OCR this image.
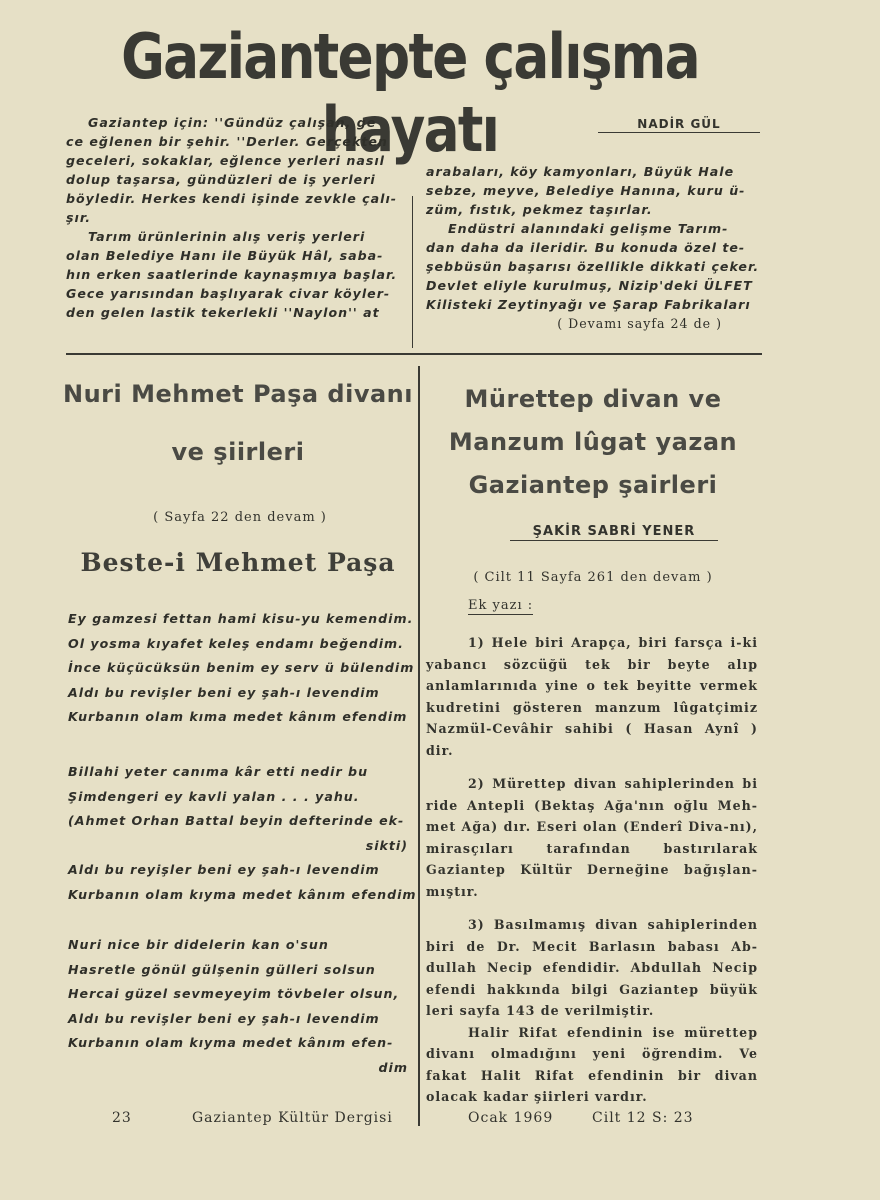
Gaziantepte çalışma hayatı

Gaziantep için: ''Gündüz çalışan, ge

ce eğlenen bir şehir. ''Derler. Gerçekten

geceleri, sokaklar, eğlence yerleri nasıl

dolup taşarsa, gündüzleri de iş yerleri

böyledir. Herkes kendi işinde zevkle çalı-

şır.

Tarım ürünlerinin alış veriş yerleri

olan Belediye Hanı ile Büyük Hâl, saba-

hın erken saatlerinde kaynaşmıya başlar.

Gece yarısından başlıyarak civar köyler-

den gelen lastik tekerlekli ''Naylon'' at

NADİR GÜL

arabaları, köy kamyonları, Büyük Hale

sebze, meyve, Belediye Hanına, kuru ü-

züm, fıstık, pekmez taşırlar.

Endüstri alanındaki gelişme Tarım-

dan daha da ileridir. Bu konuda özel te-

şebbüsün başarısı özellikle dikkati çeker.

Devlet eliyle kurulmuş, Nizip'deki ÜLFET

Kilisteki Zeytinyağı ve Şarap Fabrikaları

( Devamı sayfa 24 de )

Nuri Mehmet Paşa divanı
ve şiirleri
( Sayfa 22 den devam )
Beste-i Mehmet Paşa
Ey gamzesi fettan hami kisu-yu kemendim.
Ol yosma kıyafet keleş endamı beğendim.
İnce küçücüksün benim ey serv ü bülendim
Aldı bu revişler beni ey şah-ı levendim
Kurbanın olam kıma medet kânım efendim
Billahi yeter canıma kâr etti nedir bu
Şimdengeri ey kavli yalan . . . yahu.
(Ahmet Orhan Battal beyin defterinde ek-
sikti)
Aldı bu reyişler beni ey şah-ı levendim
Kurbanın olam kıyma medet kânım efendim
Nuri nice bir didelerin kan o'sun
Hasretle gönül gülşenin gülleri solsun
Hercai güzel sevmeyeyim tövbeler olsun,
Aldı bu revişler beni ey şah-ı levendim
Kurbanın olam kıyma medet kânım efen-
dim
Mürettep divan ve Manzum lûgat yazan Gaziantep şairleri
ŞAKİR SABRİ YENER
( Cilt 11 Sayfa 261 den devam )
Ek yazı :

1) Hele biri Arapça, biri farsça i-ki yabancı sözcüğü tek bir beyte alıp anlamlarınıda yine o tek beyitte vermek kudretini gösteren manzum lûgatçimiz Nazmül-Cevâhir sahibi ( Hasan Aynî ) dir.

2) Mürettep divan sahiplerinden bi ride Antepli (Bektaş Ağa'nın oğlu Meh-met Ağa) dır. Eseri olan (Enderî Diva-nı), mirasçıları tarafından bastırılarak Gaziantep Kültür Derneğine bağışlan-mıştır.

3) Basılmamış divan sahiplerinden biri de Dr. Mecit Barlasın babası Ab-dullah Necip efendidir. Abdullah Necip efendi hakkında bilgi Gaziantep büyük leri sayfa 143 de verilmiştir.

Halir Rifat efendinin ise mürettep divanı olmadığını yeni öğrendim. Ve fakat Halit Rifat efendinin bir divan olacak kadar şiirleri vardır.

23	Gaziantep Kültür Dergisi	Ocak 1969	Cilt 12 S: 23
